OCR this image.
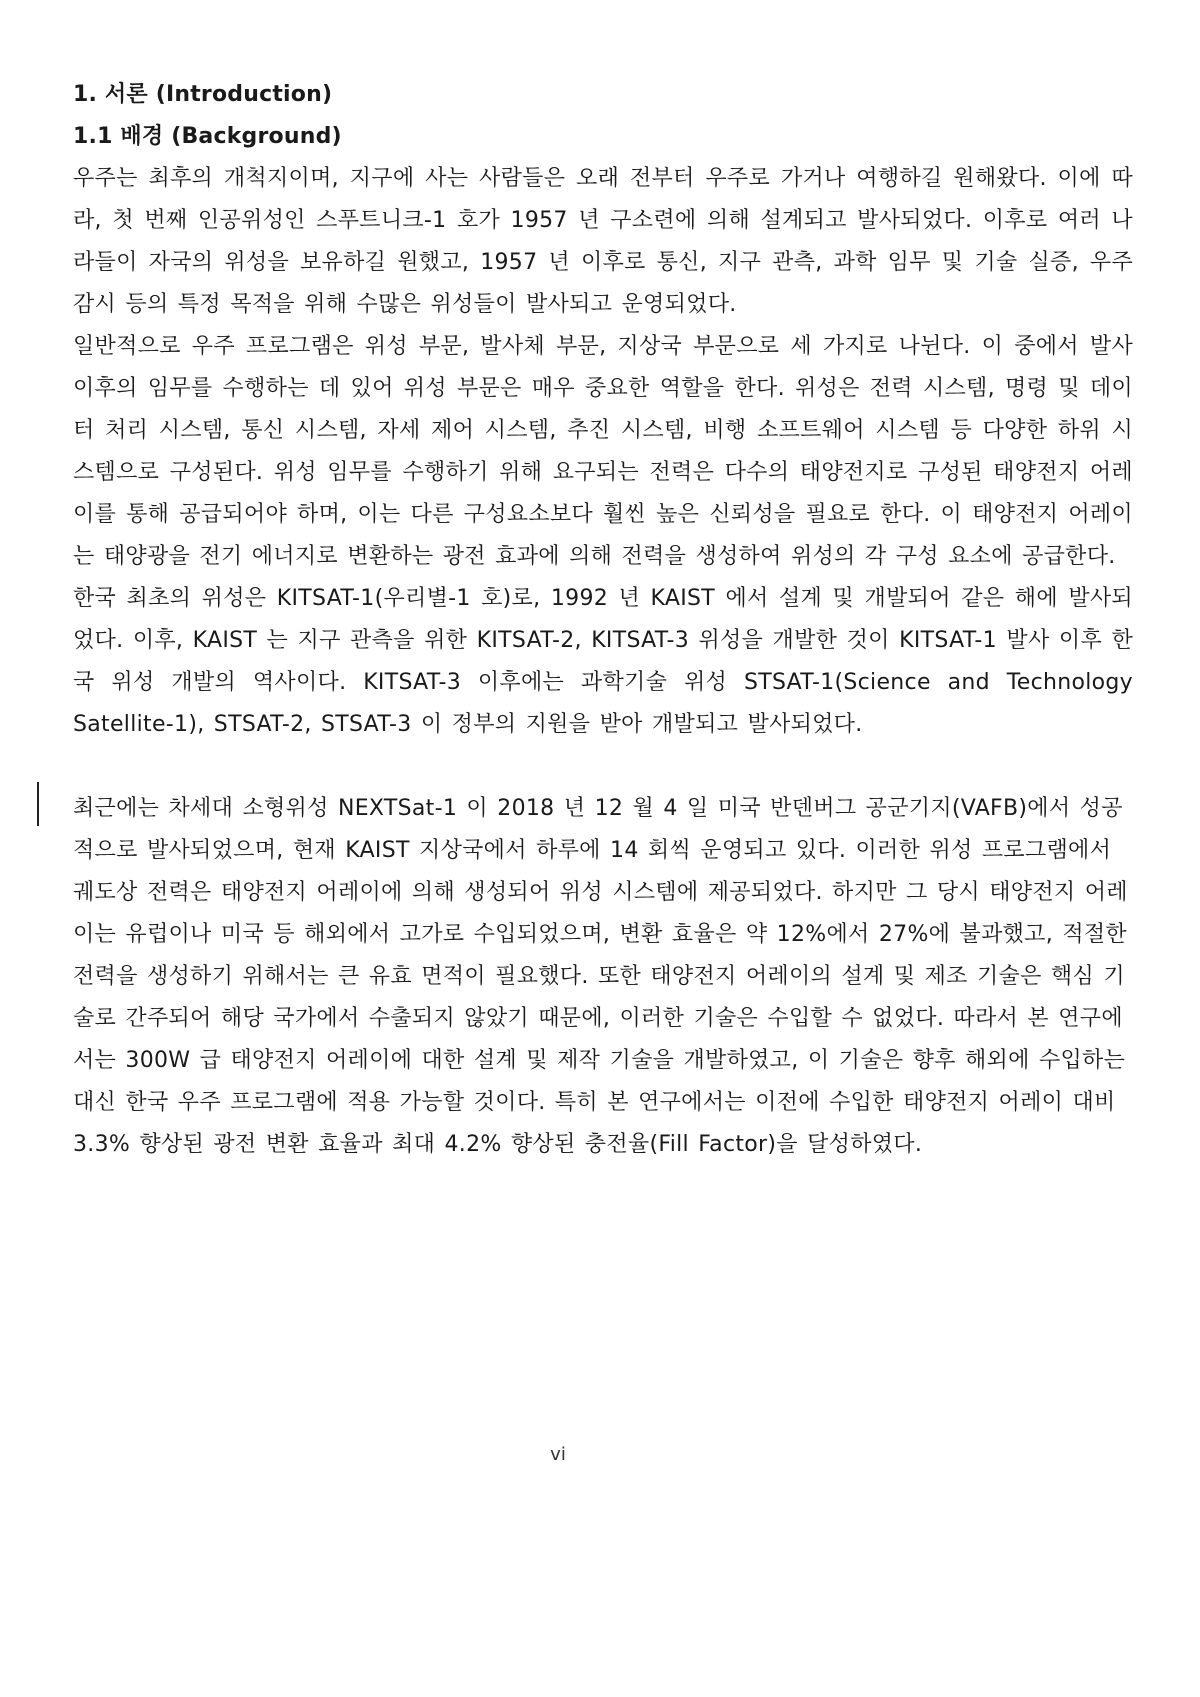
1. 서론 (Introduction)
1.1 배경 (Background)

우주는 최후의 개척지이며, 지구에 사는 사람들은 오래 전부터 우주로 가거나 여행하길 원해왔다. 이에 따라, 첫 번째 인공위성인 스푸트니크-1 호가 1957 년 구소련에 의해 설계되고 발사되었다. 이후로 여러 나라들이 자국의 위성을 보유하길 원했고, 1957 년 이후로 통신, 지구 관측, 과학 임무 및 기술 실증, 우주 감시 등의 특정 목적을 위해 수많은 위성들이 발사되고 운영되었다.

일반적으로 우주 프로그램은 위성 부문, 발사체 부문, 지상국 부문으로 세 가지로 나뉜다. 이 중에서 발사 이후의 임무를 수행하는 데 있어 위성 부문은 매우 중요한 역할을 한다. 위성은 전력 시스템, 명령 및 데이터 처리 시스템, 통신 시스템, 자세 제어 시스템, 추진 시스템, 비행 소프트웨어 시스템 등 다양한 하위 시스템으로 구성된다. 위성 임무를 수행하기 위해 요구되는 전력은 다수의 태양전지로 구성된 태양전지 어레이를 통해 공급되어야 하며, 이는 다른 구성요소보다 훨씬 높은 신뢰성을 필요로 한다. 이 태양전지 어레이는 태양광을 전기 에너지로 변환하는 광전 효과에 의해 전력을 생성하여 위성의 각 구성 요소에 공급한다.

한국 최초의 위성은 KITSAT-1(우리별-1 호)로, 1992 년 KAIST 에서 설계 및 개발되어 같은 해에 발사되었다. 이후, KAIST 는 지구 관측을 위한 KITSAT-2, KITSAT-3 위성을 개발한 것이 KITSAT-1 발사 이후 한국 위성 개발의 역사이다. KITSAT-3 이후에는 과학기술 위성 STSAT-1(Science and Technology Satellite-1), STSAT-2, STSAT-3 이 정부의 지원을 받아 개발되고 발사되었다.

최근에는 차세대 소형위성 NEXTSat-1 이 2018 년 12 월 4 일 미국 반덴버그 공군기지(VAFB)에서 성공적으로 발사되었으며, 현재 KAIST 지상국에서 하루에 14 회씩 운영되고 있다. 이러한 위성 프로그램에서 궤도상 전력은 태양전지 어레이에 의해 생성되어 위성 시스템에 제공되었다. 하지만 그 당시 태양전지 어레이는 유럽이나 미국 등 해외에서 고가로 수입되었으며, 변환 효율은 약 12%에서 27%에 불과했고, 적절한 전력을 생성하기 위해서는 큰 유효 면적이 필요했다. 또한 태양전지 어레이의 설계 및 제조 기술은 핵심 기술로 간주되어 해당 국가에서 수출되지 않았기 때문에, 이러한 기술은 수입할 수 없었다. 따라서 본 연구에서는 300W 급 태양전지 어레이에 대한 설계 및 제작 기술을 개발하였고, 이 기술은 향후 해외에 수입하는 대신 한국 우주 프로그램에 적용 가능할 것이다. 특히 본 연구에서는 이전에 수입한 태양전지 어레이 대비 3.3% 향상된 광전 변환 효율과 최대 4.2% 향상된 충전율(Fill Factor)을 달성하였다.

vi
